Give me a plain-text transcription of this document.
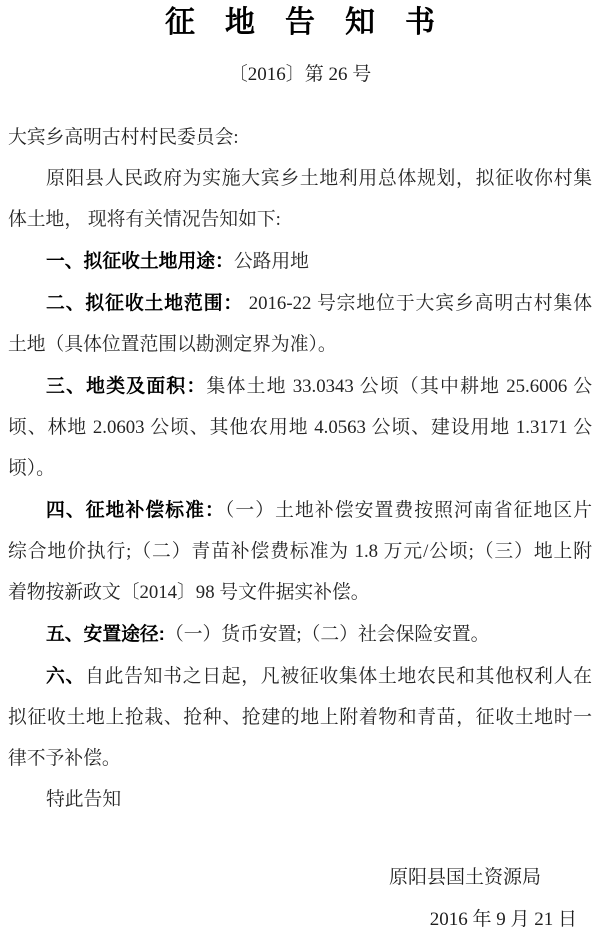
征　地　告　知　书
〔2016〕第 26 号
大宾乡高明古村村民委员会:
原阳县人民政府为实施大宾乡土地利用总体规划，拟征收你村集
体土地， 现将有关情况告知如下:
一、拟征收土地用途：公路用地
二、拟征收土地范围： 2016-22 号宗地位于大宾乡高明古村集体
土地（具体位置范围以勘测定界为准）。
三、地类及面积：集体土地 33.0343 公顷（其中耕地 25.6006 公
顷、林地 2.0603 公顷、其他农用地 4.0563 公顷、建设用地 1.3171 公
顷）。
四、征地补偿标准：（一）土地补偿安置费按照河南省征地区片
综合地价执行;（二）青苗补偿费标准为 1.8 万元/公顷;（三）地上附
着物按新政文〔2014〕98 号文件据实补偿。
五、安置途径:（一）货币安置;（二）社会保险安置。
六、自此告知书之日起，凡被征收集体土地农民和其他权利人在
拟征收土地上抢栽、抢种、抢建的地上附着物和青苗，征收土地时一
律不予补偿。
特此告知
原阳县国土资源局
2016 年 9 月 21 日
